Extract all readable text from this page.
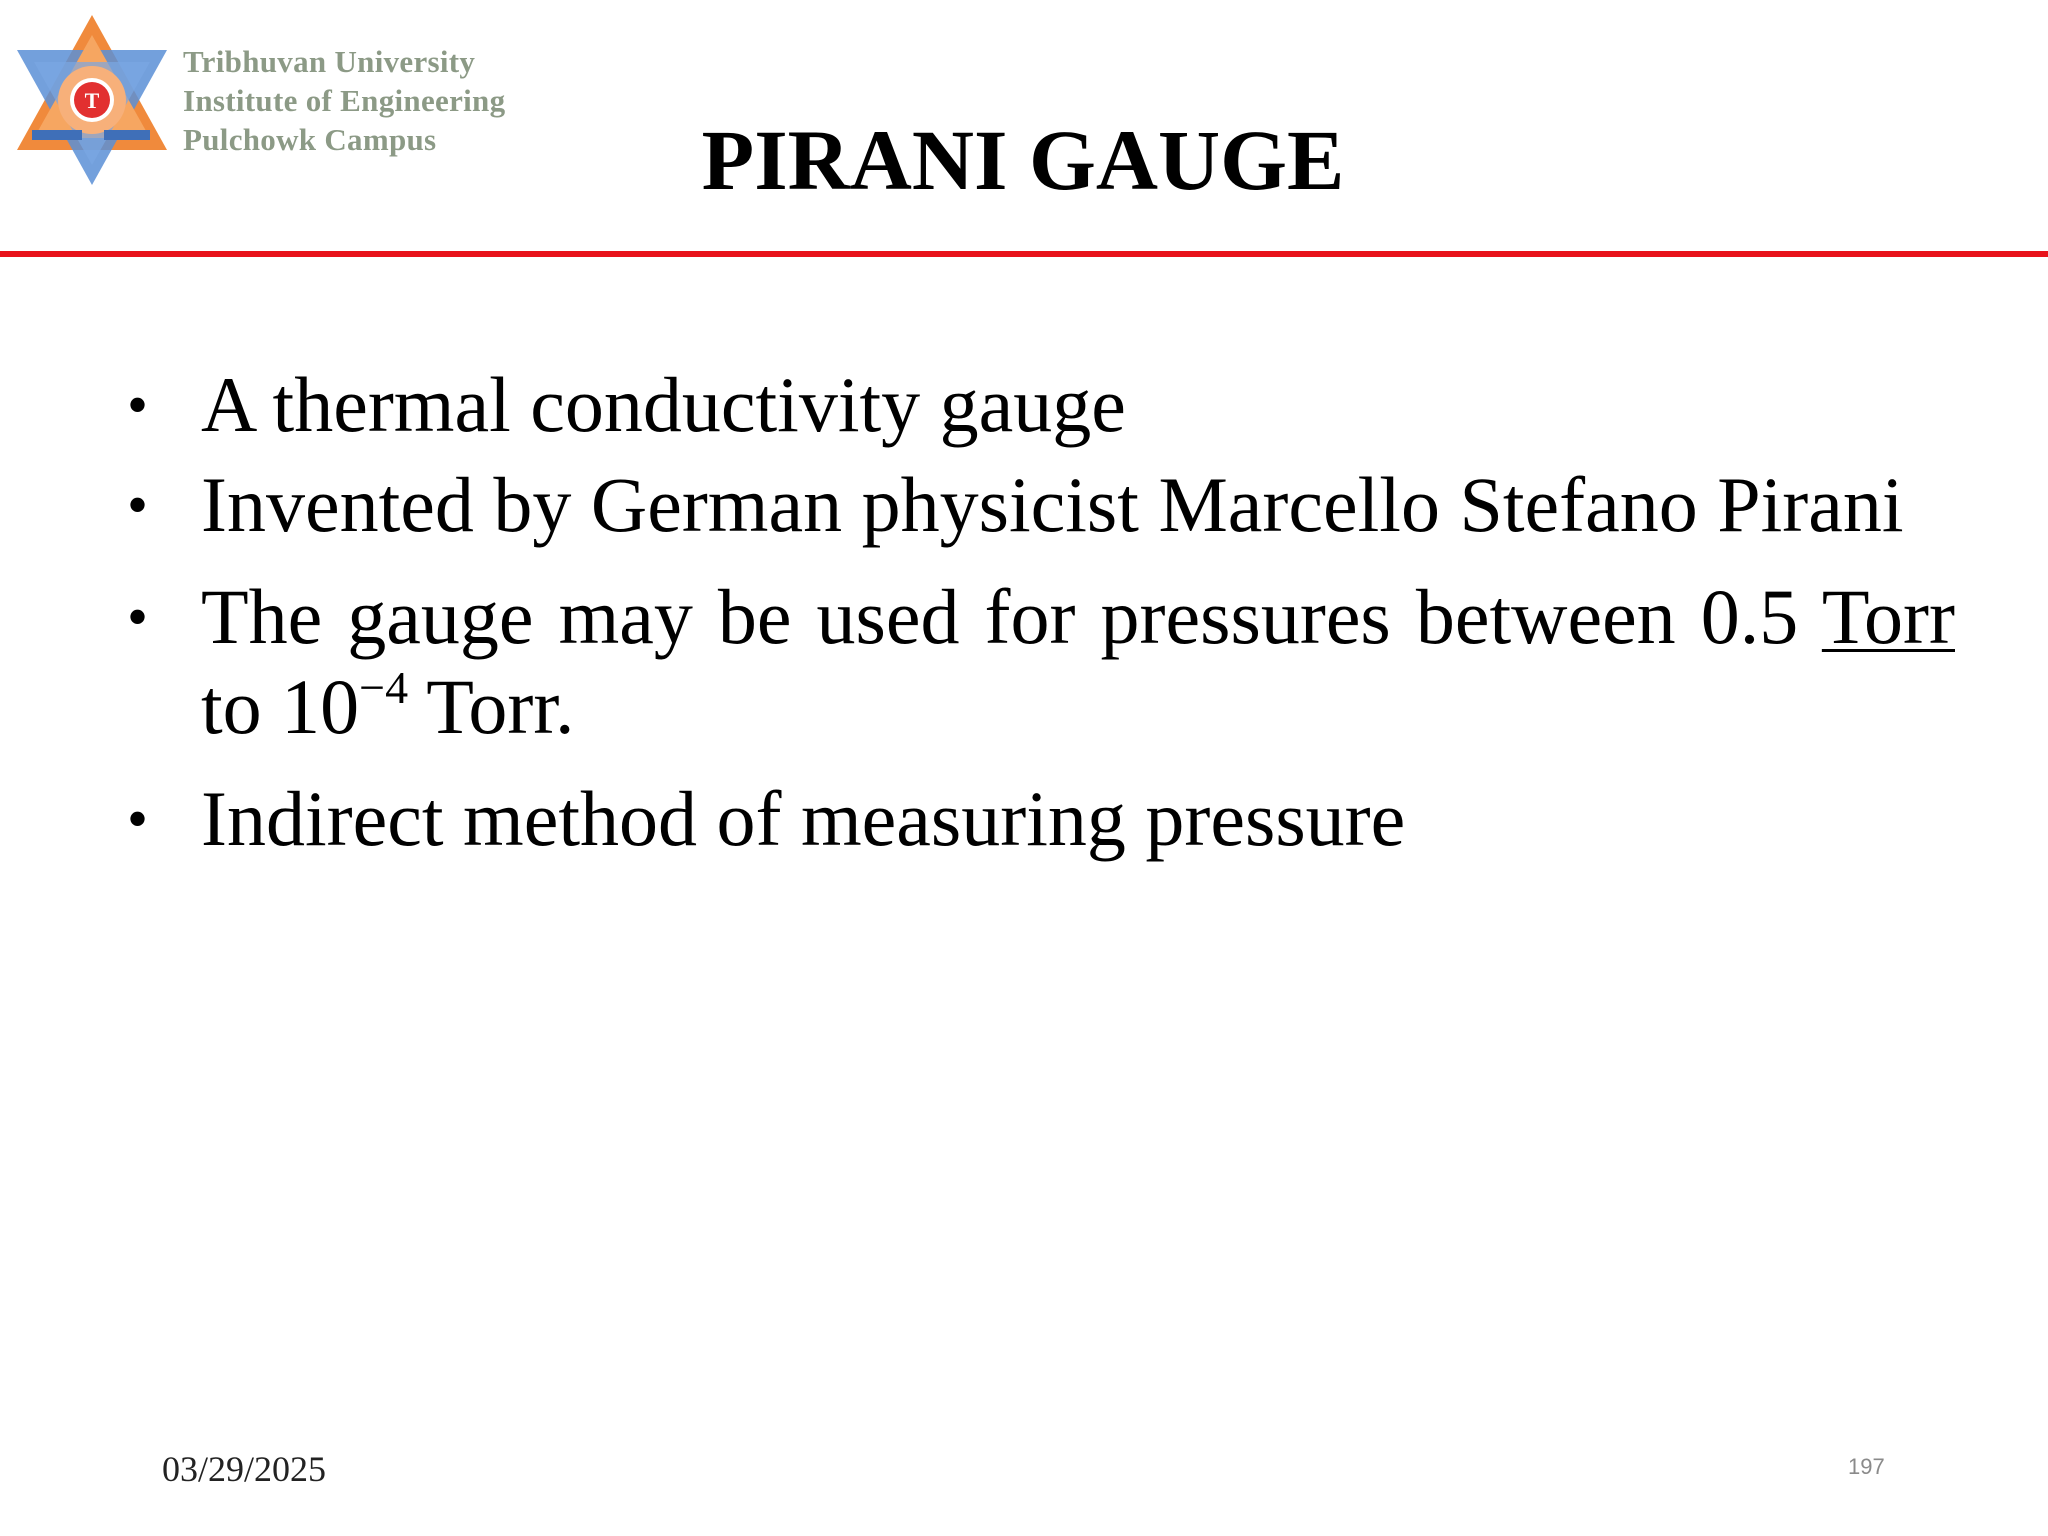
T
Tribhuvan University
Institute of Engineering
Pulchowk Campus	PIRANI GAUGE
• A thermal conductivity gauge
• Invented by German physicist Marcello Stefano Pirani
• The gauge may be used for pressures between 0.5 Torr to $10^{-4}$ Torr.
• Indirect method of measuring pressure
03/29/2025	197
